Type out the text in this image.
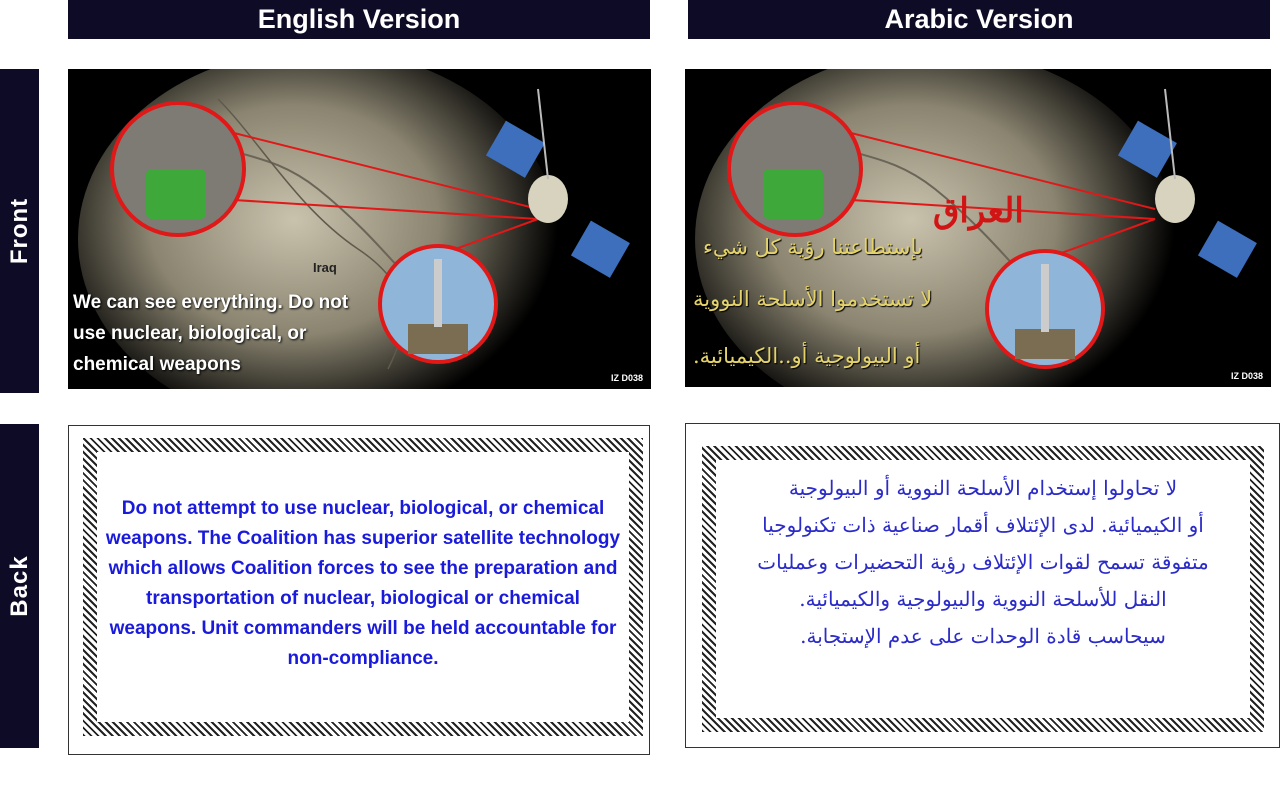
English Version	Arabic Version
Front
Back
Iraq
We can see everything. Do not use nuclear, biological, or chemical weapons
IZ D038
العراق
بإستطاعتنا رؤية كل شيء
لا تستخدموا الأسلحة النووية
أو البيولوجية أو..الكيميائية.
IZ D038
Do not attempt to use nuclear, biological, or chemical weapons. The Coalition has superior satellite technology which allows Coalition forces to see the preparation and transportation of nuclear, biological or chemical weapons. Unit commanders will be held accountable for non-compliance.
لا تحاولوا إستخدام الأسلحة النووية أو البيولوجية
أو الكيميائية. لدى الإئتلاف أقمار صناعية ذات تكنولوجيا
متفوقة تسمح لقوات الإئتلاف رؤية التحضيرات وعمليات
النقل للأسلحة النووية والبيولوجية والكيميائية.
سيحاسب قادة الوحدات على عدم الإستجابة.
